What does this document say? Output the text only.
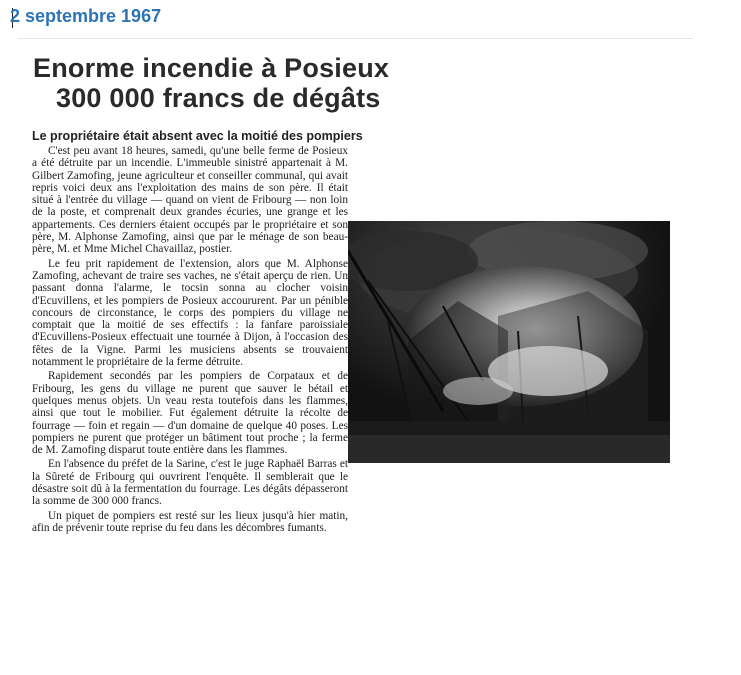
2 septembre 1967
Enorme incendie à Posieux
300 000 francs de dégâts
Le propriétaire était absent avec la moitié des pompiers

C'est peu avant 18 heures, samedi, qu'une belle ferme de Posieux a été détruite par un incendie. L'immeuble sinistré appartenait à M. Gilbert Zamofing, jeune agriculteur et conseiller communal, qui avait repris voici deux ans l'exploitation des mains de son père. Il était situé à l'entrée du village — quand on vient de Fribourg — non loin de la poste, et comprenait deux grandes écuries, une grange et les appartements. Ces derniers étaient occupés par le propriétaire et son père, M. Alphonse Zamofing, ainsi que par le ménage de son beau-père, M. et Mme Michel Chavaillaz, postier.

Le feu prit rapidement de l'extension, alors que M. Alphonse Zamofing, achevant de traire ses vaches, ne s'était aperçu de rien. Un passant donna l'alarme, le tocsin sonna au clocher voisin d'Ecuvillens, et les pompiers de Posieux accoururent. Par un pénible concours de circonstance, le corps des pompiers du village ne comptait que la moitié de ses effectifs : la fanfare paroissiale d'Ecuvillens-Posieux effectuait une tournée à Dijon, à l'occasion des fêtes de la Vigne. Parmi les musiciens absents se trouvaient notamment le propriétaire de la ferme détruite.

Rapidement secondés par les pompiers de Corpataux et de Fribourg, les gens du village ne purent que sauver le bétail et quelques menus objets. Un veau resta toutefois dans les flammes, ainsi que tout le mobilier. Fut également détruite la récolte de fourrage — foin et regain — d'un domaine de quelque 40 poses. Les pompiers ne purent que protéger un bâtiment tout proche ; la ferme de M. Zamofing disparut toute entière dans les flammes.

En l'absence du préfet de la Sarine, c'est le juge Raphaël Barras et la Sûreté de Fribourg qui ouvrirent l'enquête. Il semblerait que le désastre soit dû à la fermentation du fourrage. Les dégâts dépasseront la somme de 300 000 francs.

Un piquet de pompiers est resté sur les lieux jusqu'à hier matin, afin de prévenir toute reprise du feu dans les décombres fumants.
